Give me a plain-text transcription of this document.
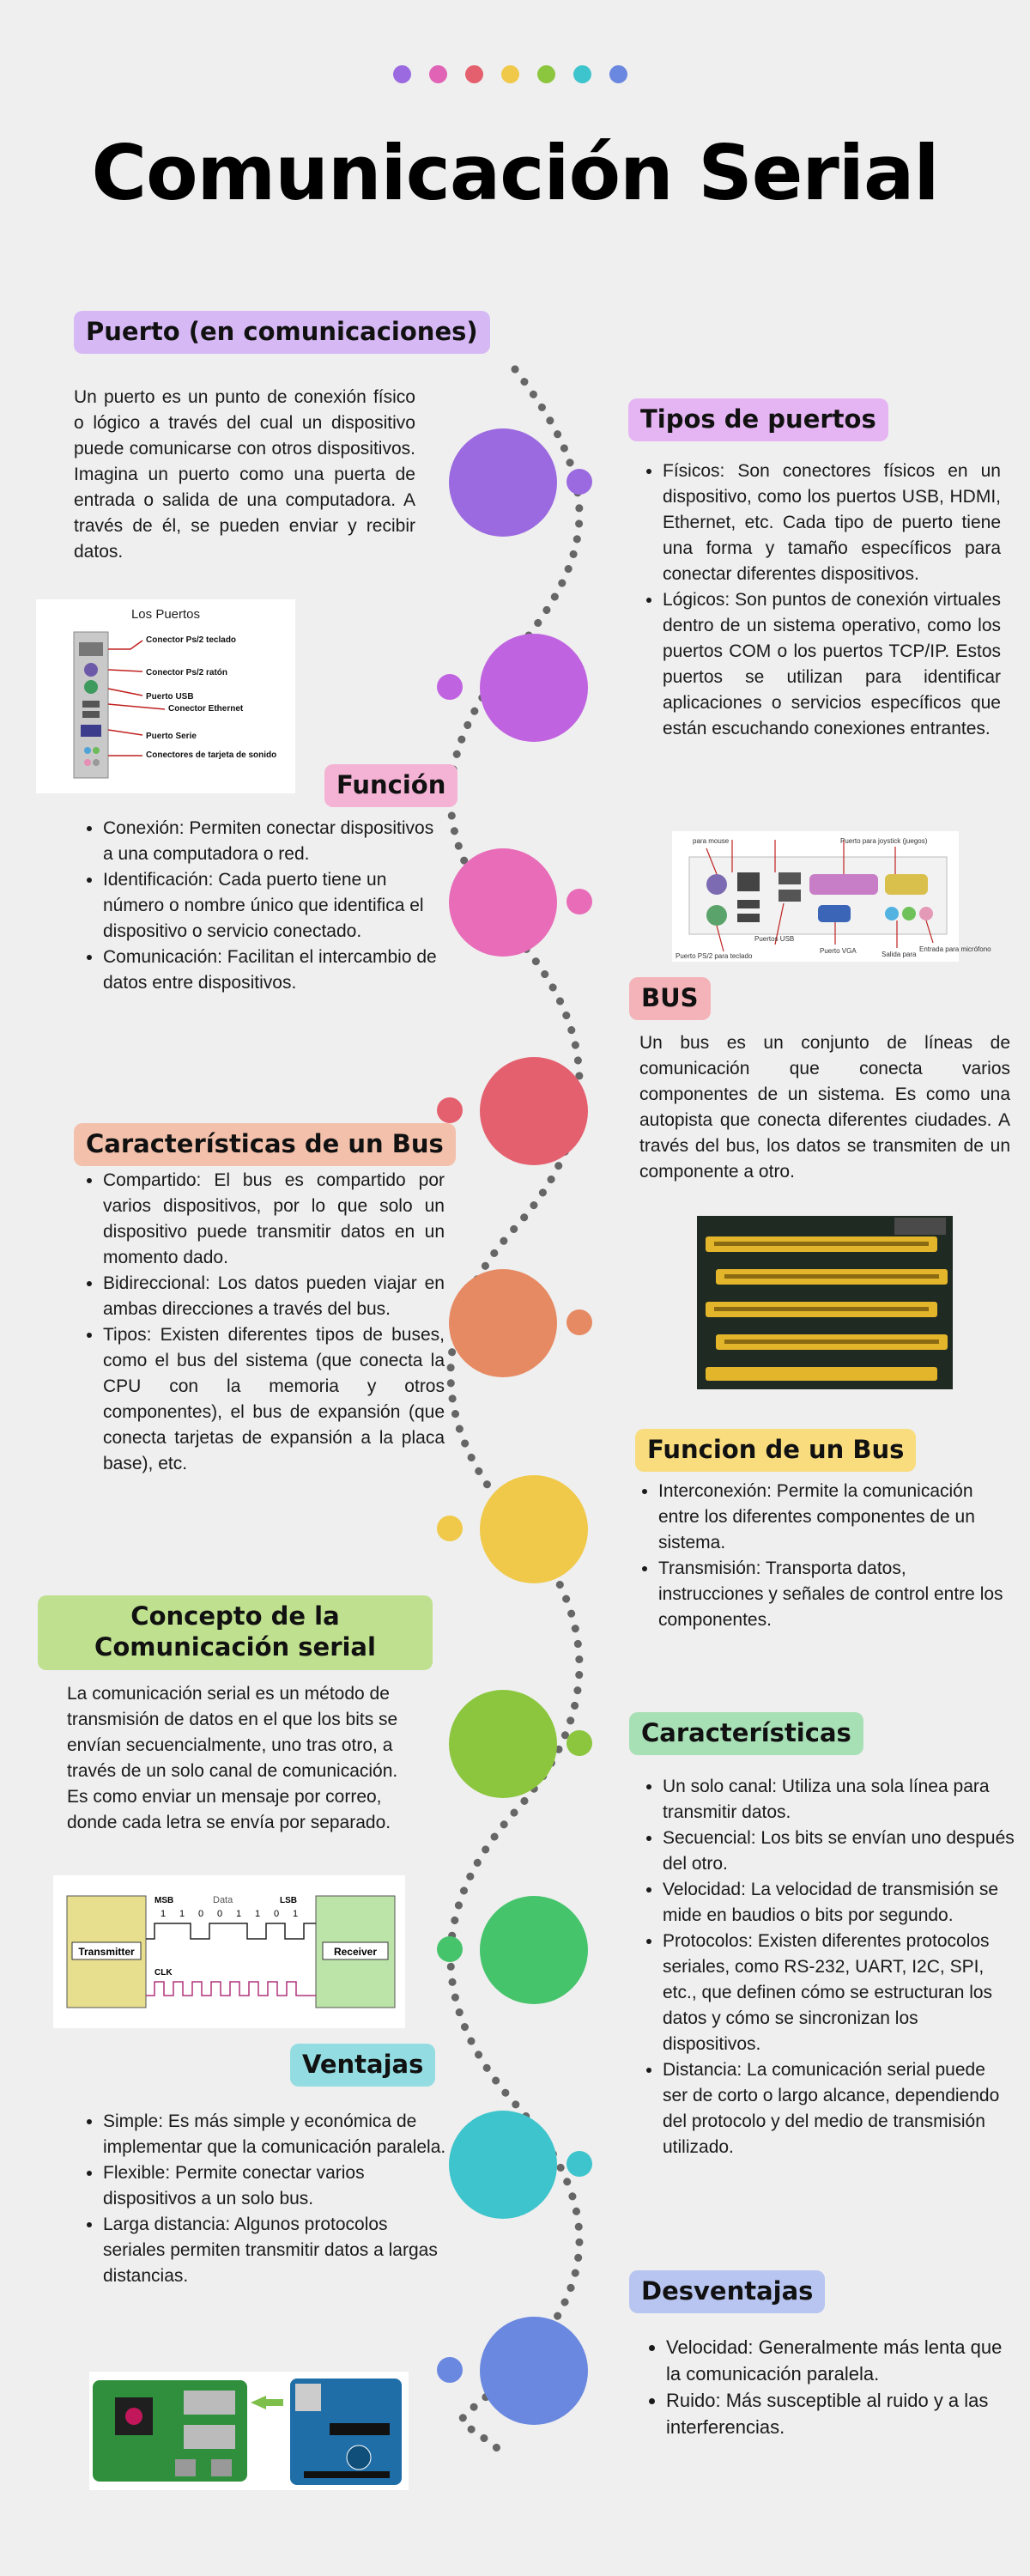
Comunicación Serial
Puerto (en comunicaciones)

Un puerto es un punto de conexión físico o lógico a través del cual un dispositivo puede comunicarse con otros dispositivos. Imagina un puerto como una puerta de entrada o salida de una computadora. A través de él, se pueden enviar y recibir datos.

Los Puertos
Conector Ps/2 teclado
Conector Ps/2 ratón
Puerto USB
Conector Ethernet
Puerto Serie
Conectores de tarjeta de sonido
Tipos de puertos
• Físicos: Son conectores físicos en un dispositivo, como los puertos USB, HDMI, Ethernet, etc. Cada tipo de puerto tiene una forma y tamaño específicos para conectar diferentes dispositivos.
• Lógicos: Son puntos de conexión virtuales dentro de un sistema operativo, como los puertos COM o los puertos TCP/IP. Estos puertos se utilizan para identificar aplicaciones o servicios específicos que están escuchando conexiones entrantes.
Función
• Conexión: Permiten conectar dispositivos a una computadora o red.
• Identificación: Cada puerto tiene un número o nombre único que identifica el dispositivo o servicio conectado.
• Comunicación: Facilitan el intercambio de datos entre dispositivos.
para mouse	Puerto para joystick (juegos)
Puertos USB
Puerto VGA
Puerto PS/2 para teclado	Salida para
Entrada para micrófono
BUS

Un bus es un conjunto de líneas de comunicación que conecta varios componentes de un sistema. Es como una autopista que conecta diferentes ciudades. A través del bus, los datos se transmiten de un componente a otro.

Características de un Bus
• Compartido: El bus es compartido por varios dispositivos, por lo que solo un dispositivo puede transmitir datos en un momento dado.
• Bidireccional: Los datos pueden viajar en ambas direcciones a través del bus.
• Tipos: Existen diferentes tipos de buses, como el bus del sistema (que conecta la CPU con la memoria y otros componentes), el bus de expansión (que conecta tarjetas de expansión a la placa base), etc.	Funcion de un Bus
• Interconexión: Permite la comunicación entre los diferentes componentes de un sistema.
• Transmisión: Transporta datos, instrucciones y señales de control entre los componentes.
Concepto de la Comunicación serial

La comunicación serial es un método de transmisión de datos en el que los bits se envían secuencialmente, uno tras otro, a través de un solo canal de comunicación. Es como enviar un mensaje por correo, donde cada letra se envía por separado.

Transmitter	Receiver
MSB	Data	LSB
1 1 0 0 1 1 0 1
CLK
Características
• Un solo canal: Utiliza una sola línea para transmitir datos.
• Secuencial: Los bits se envían uno después del otro.
• Velocidad: La velocidad de transmisión se mide en baudios o bits por segundo.
• Protocolos: Existen diferentes protocolos seriales, como RS-232, UART, I2C, SPI, etc., que definen cómo se estructuran los datos y cómo se sincronizan los dispositivos.
• Distancia: La comunicación serial puede ser de corto o largo alcance, dependiendo del protocolo y del medio de transmisión utilizado.
Ventajas
• Simple: Es más simple y económica de implementar que la comunicación paralela.
• Flexible: Permite conectar varios dispositivos a un solo bus.
• Larga distancia: Algunos protocolos seriales permiten transmitir datos a largas distancias.
Desventajas
• Velocidad: Generalmente más lenta que la comunicación paralela.
• Ruido: Más susceptible al ruido y a las interferencias.
